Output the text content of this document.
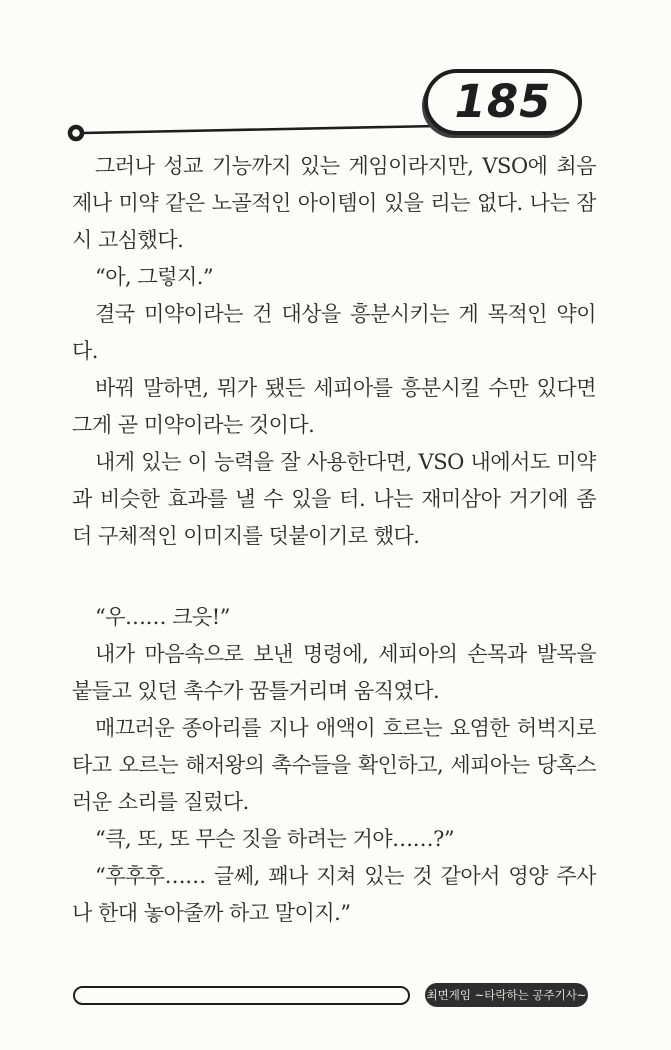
185
그러나 성교 기능까지 있는 게임이라지만, VSO에 최음
제나 미약 같은 노골적인 아이템이 있을 리는 없다. 나는 잠
시 고심했다.
“아, 그렇지.”
결국 미약이라는 건 대상을 흥분시키는 게 목적인 약이
다.
바꿔 말하면, 뭐가 됐든 세피아를 흥분시킬 수만 있다면
그게 곧 미약이라는 것이다.
내게 있는 이 능력을 잘 사용한다면, VSO 내에서도 미약
과 비슷한 효과를 낼 수 있을 터. 나는 재미삼아 거기에 좀
더 구체적인 이미지를 덧붙이기로 했다.
“우…… 크읏!”
내가 마음속으로 보낸 명령에, 세피아의 손목과 발목을
붙들고 있던 촉수가 꿈틀거리며 움직였다.
매끄러운 종아리를 지나 애액이 흐르는 요염한 허벅지로
타고 오르는 해저왕의 촉수들을 확인하고, 세피아는 당혹스
러운 소리를 질렀다.
“큭, 또, 또 무슨 짓을 하려는 거야……?”
“후후후…… 글쎄, 꽤나 지쳐 있는 것 같아서 영양 주사
나 한대 놓아줄까 하고 말이지.”
최면게임 ~타락하는 공주기사~
